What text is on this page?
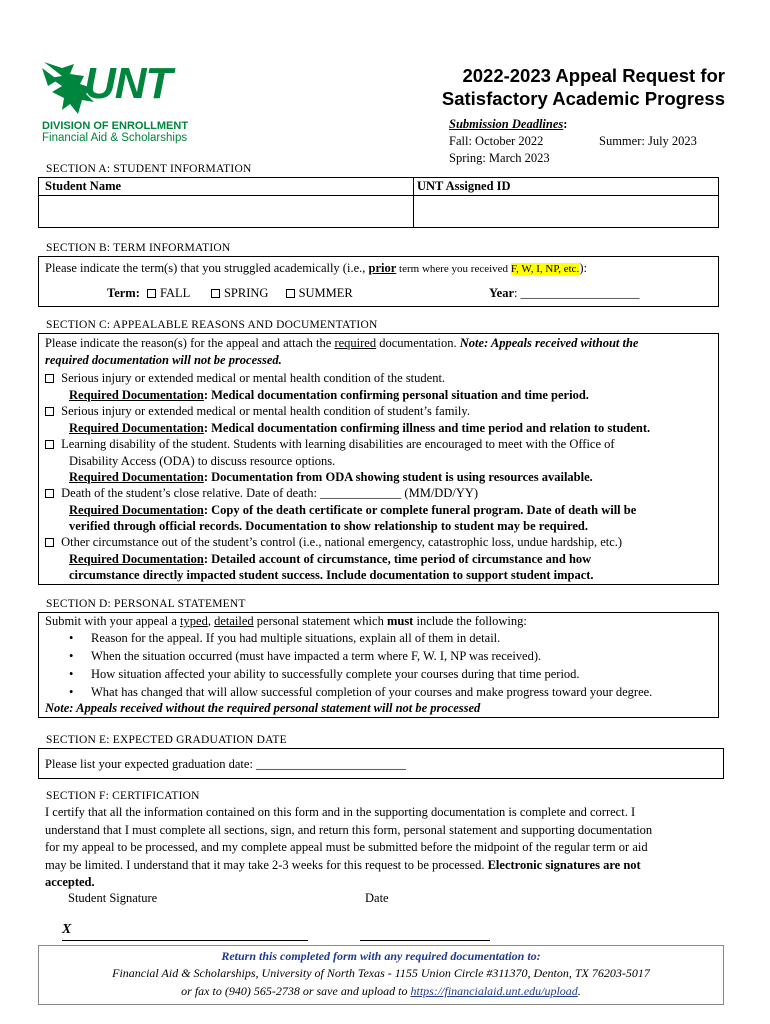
UNT
DIVISION OF ENROLLMENT
Financial Aid & Scholarships
2022-2023 Appeal Request for
Satisfactory Academic Progress
Submission Deadlines:
Fall: October 2022	Summer: July 2023
Spring: March 2023
SECTION A: STUDENT INFORMATION
Student Name	UNT Assigned ID
SECTION B: TERM INFORMATION
Please indicate the term(s) that you struggled academically (i.e., prior term where you received F, W, I, NP, etc.):
Term: FALL	SPRING SUMMER	Year: ___________________
SECTION C: APPEALABLE REASONS AND DOCUMENTATION
Please indicate the reason(s) for the appeal and attach the required documentation. Note: Appeals received without the
required documentation will not be processed.
Serious injury or extended medical or mental health condition of the student.
Required Documentation: Medical documentation confirming personal situation and time period.
Serious injury or extended medical or mental health condition of student’s family.
Required Documentation: Medical documentation confirming illness and time period and relation to student.
Learning disability of the student. Students with learning disabilities are encouraged to meet with the Office of
Disability Access (ODA) to discuss resource options.
Required Documentation: Documentation from ODA showing student is using resources available.
Death of the student’s close relative. Date of death: _____________ (MM/DD/YY)
Required Documentation: Copy of the death certificate or complete funeral program. Date of death will be
verified through official records. Documentation to show relationship to student may be required.
Other circumstance out of the student’s control (i.e., national emergency, catastrophic loss, undue hardship, etc.)
Required Documentation: Detailed account of circumstance, time period of circumstance and how
circumstance directly impacted student success. Include documentation to support student impact.
SECTION D: PERSONAL STATEMENT
Submit with your appeal a typed, detailed personal statement which must include the following:
• Reason for the appeal. If you had multiple situations, explain all of them in detail.
• When the situation occurred (must have impacted a term where F, W. I, NP was received).
• How situation affected your ability to successfully complete your courses during that time period.
• What has changed that will allow successful completion of your courses and make progress toward your degree.
Note: Appeals received without the required personal statement will not be processed
SECTION E: EXPECTED GRADUATION DATE
Please list your expected graduation date: ________________________
SECTION F: CERTIFICATION
I certify that all the information contained on this form and in the supporting documentation is complete and correct. I
understand that I must complete all sections, sign, and return this form, personal statement and supporting documentation
for my appeal to be processed, and my complete appeal must be submitted before the midpoint of the regular term or aid
may be limited. I understand that it may take 2-3 weeks for this request to be processed. Electronic signatures are not
accepted.
Student Signature	Date
X
Return this completed form with any required documentation to:
Financial Aid & Scholarships, University of North Texas - 1155 Union Circle #311370, Denton, TX 76203-5017
or fax to (940) 565-2738 or save and upload to https://financialaid.unt.edu/upload.
